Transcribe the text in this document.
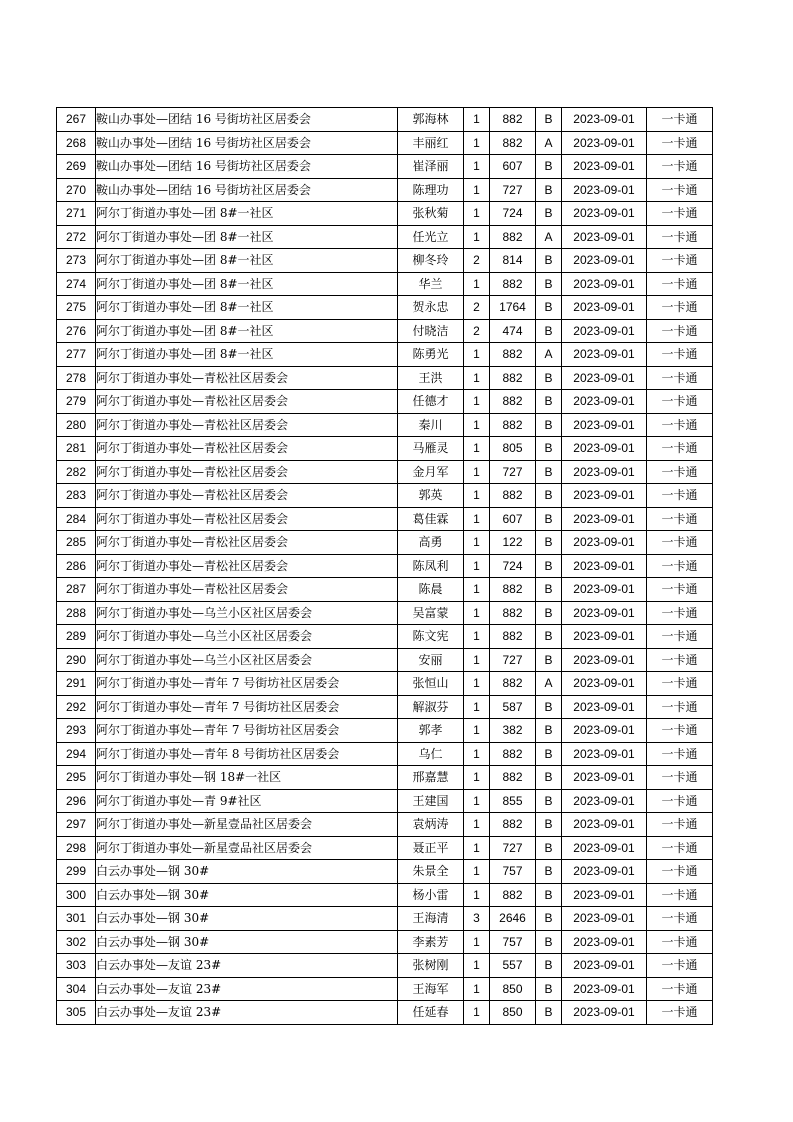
267	鞍山办事处—团结 16 号街坊社区居委会	郭海林	1	882	B	2023-09-01	一卡通
268	鞍山办事处—团结 16 号街坊社区居委会	丰丽红	1	882	A	2023-09-01	一卡通
269	鞍山办事处—团结 16 号街坊社区居委会	崔泽丽	1	607	B	2023-09-01	一卡通
270	鞍山办事处—团结 16 号街坊社区居委会	陈理功	1	727	B	2023-09-01	一卡通
271	阿尔丁街道办事处—团 8#一社区	张秋菊	1	724	B	2023-09-01	一卡通
272	阿尔丁街道办事处—团 8#一社区	任光立	1	882	A	2023-09-01	一卡通
273	阿尔丁街道办事处—团 8#一社区	柳冬玲	2	814	B	2023-09-01	一卡通
274	阿尔丁街道办事处—团 8#一社区	华兰	1	882	B	2023-09-01	一卡通
275	阿尔丁街道办事处—团 8#一社区	贺永忠	2	1764	B	2023-09-01	一卡通
276	阿尔丁街道办事处—团 8#一社区	付晓洁	2	474	B	2023-09-01	一卡通
277	阿尔丁街道办事处—团 8#一社区	陈勇光	1	882	A	2023-09-01	一卡通
278	阿尔丁街道办事处—青松社区居委会	王洪	1	882	B	2023-09-01	一卡通
279	阿尔丁街道办事处—青松社区居委会	任德才	1	882	B	2023-09-01	一卡通
280	阿尔丁街道办事处—青松社区居委会	秦川	1	882	B	2023-09-01	一卡通
281	阿尔丁街道办事处—青松社区居委会	马雁灵	1	805	B	2023-09-01	一卡通
282	阿尔丁街道办事处—青松社区居委会	金月军	1	727	B	2023-09-01	一卡通
283	阿尔丁街道办事处—青松社区居委会	郭英	1	882	B	2023-09-01	一卡通
284	阿尔丁街道办事处—青松社区居委会	葛佳霖	1	607	B	2023-09-01	一卡通
285	阿尔丁街道办事处—青松社区居委会	高勇	1	122	B	2023-09-01	一卡通
286	阿尔丁街道办事处—青松社区居委会	陈凤利	1	724	B	2023-09-01	一卡通
287	阿尔丁街道办事处—青松社区居委会	陈晨	1	882	B	2023-09-01	一卡通
288	阿尔丁街道办事处—乌兰小区社区居委会	吴富蒙	1	882	B	2023-09-01	一卡通
289	阿尔丁街道办事处—乌兰小区社区居委会	陈文宪	1	882	B	2023-09-01	一卡通
290	阿尔丁街道办事处—乌兰小区社区居委会	安丽	1	727	B	2023-09-01	一卡通
291	阿尔丁街道办事处—青年 7 号街坊社区居委会	张恒山	1	882	A	2023-09-01	一卡通
292	阿尔丁街道办事处—青年 7 号街坊社区居委会	解淑芬	1	587	B	2023-09-01	一卡通
293	阿尔丁街道办事处—青年 7 号街坊社区居委会	郭孝	1	382	B	2023-09-01	一卡通
294	阿尔丁街道办事处—青年 8 号街坊社区居委会	乌仁	1	882	B	2023-09-01	一卡通
295	阿尔丁街道办事处—钢 18#一社区	邢嘉慧	1	882	B	2023-09-01	一卡通
296	阿尔丁街道办事处—青 9#社区	王建国	1	855	B	2023-09-01	一卡通
297	阿尔丁街道办事处—新星壹品社区居委会	袁炳涛	1	882	B	2023-09-01	一卡通
298	阿尔丁街道办事处—新星壹品社区居委会	聂正平	1	727	B	2023-09-01	一卡通
299	白云办事处—钢 30#	朱景全	1	757	B	2023-09-01	一卡通
300	白云办事处—钢 30#	杨小雷	1	882	B	2023-09-01	一卡通
301	白云办事处—钢 30#	王海清	3	2646	B	2023-09-01	一卡通
302	白云办事处—钢 30#	李素芳	1	757	B	2023-09-01	一卡通
303	白云办事处—友谊 23#	张树刚	1	557	B	2023-09-01	一卡通
304	白云办事处—友谊 23#	王海军	1	850	B	2023-09-01	一卡通
305	白云办事处—友谊 23#	任延春	1	850	B	2023-09-01	一卡通
